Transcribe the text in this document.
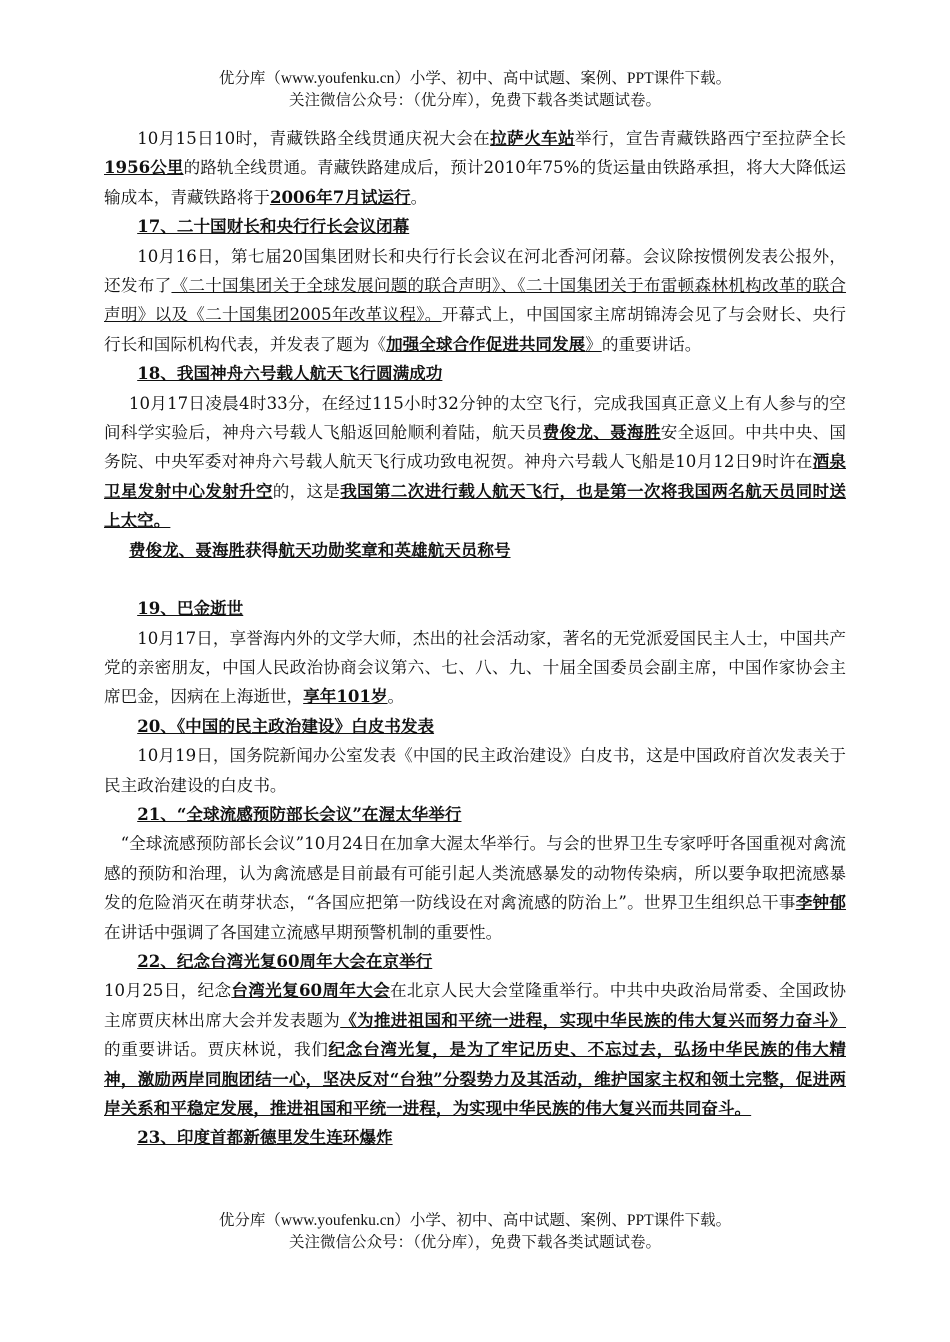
优分库（www.youfenku.cn）小学、初中、高中试题、案例、PPT课件下载。
关注微信公众号：（优分库），免费下载各类试题试卷。

10月15日10时，青藏铁路全线贯通庆祝大会在拉萨火车站举行，宣告青藏铁路西宁至拉萨全长1956公里的路轨全线贯通。青藏铁路建成后，预计2010年75%的货运量由铁路承担，将大大降低运输成本，青藏铁路将于2006年7月试运行。

17、二十国财长和央行行长会议闭幕

10月16日，第七届20国集团财长和央行行长会议在河北香河闭幕。会议除按惯例发表公报外，还发布了《二十国集团关于全球发展问题的联合声明》、《二十国集团关于布雷顿森林机构改革的联合声明》以及《二十国集团2005年改革议程》。开幕式上，中国国家主席胡锦涛会见了与会财长、央行行长和国际机构代表，并发表了题为《加强全球合作促进共同发展》的重要讲话。

18、我国神舟六号载人航天飞行圆满成功

10月17日凌晨4时33分，在经过115小时32分钟的太空飞行，完成我国真正意义上有人参与的空间科学实验后，神舟六号载人飞船返回舱顺利着陆，航天员费俊龙、聂海胜安全返回。中共中央、国务院、中央军委对神舟六号载人航天飞行成功致电祝贺。神舟六号载人飞船是10月12日9时许在酒泉卫星发射中心发射升空的，这是我国第二次进行载人航天飞行，也是第一次将我国两名航天员同时送上太空。

费俊龙、聂海胜获得航天功勋奖章和英雄航天员称号

19、巴金逝世

10月17日，享誉海内外的文学大师，杰出的社会活动家，著名的无党派爱国民主人士，中国共产党的亲密朋友，中国人民政治协商会议第六、七、八、九、十届全国委员会副主席，中国作家协会主席巴金，因病在上海逝世，享年101岁。

20、《中国的民主政治建设》白皮书发表

10月19日，国务院新闻办公室发表《中国的民主政治建设》白皮书，这是中国政府首次发表关于民主政治建设的白皮书。

21、“全球流感预防部长会议”在渥太华举行

“全球流感预防部长会议”10月24日在加拿大渥太华举行。与会的世界卫生专家呼吁各国重视对禽流感的预防和治理，认为禽流感是目前最有可能引起人类流感暴发的动物传染病，所以要争取把流感暴发的危险消灭在萌芽状态，“各国应把第一防线设在对禽流感的防治上”。世界卫生组织总干事李钟郁在讲话中强调了各国建立流感早期预警机制的重要性。

22、纪念台湾光复60周年大会在京举行

10月25日，纪念台湾光复60周年大会在北京人民大会堂隆重举行。中共中央政治局常委、全国政协主席贾庆林出席大会并发表题为《为推进祖国和平统一进程，实现中华民族的伟大复兴而努力奋斗》的重要讲话。贾庆林说，我们纪念台湾光复，是为了牢记历史、不忘过去，弘扬中华民族的伟大精神，激励两岸同胞团结一心，坚决反对“台独”分裂势力及其活动，维护国家主权和领土完整，促进两岸关系和平稳定发展，推进祖国和平统一进程，为实现中华民族的伟大复兴而共同奋斗。

23、印度首都新德里发生连环爆炸

优分库（www.youfenku.cn）小学、初中、高中试题、案例、PPT课件下载。
关注微信公众号：（优分库），免费下载各类试题试卷。
